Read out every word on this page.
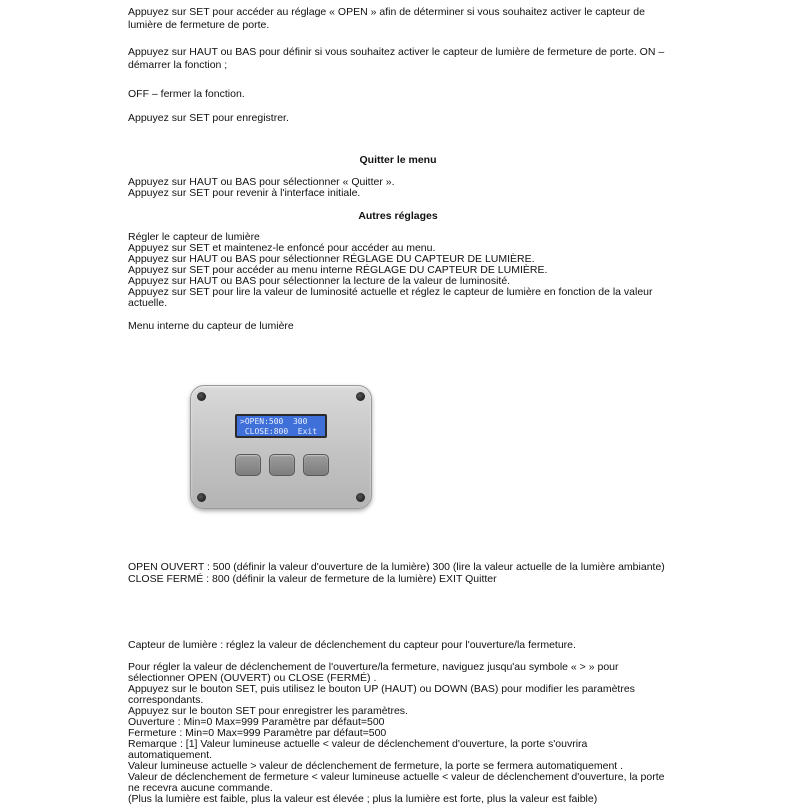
Appuyez sur SET pour accéder au réglage « OPEN » afin de déterminer si vous souhaitez activer le capteur de lumière de fermeture de porte.

Appuyez sur HAUT ou BAS pour définir si vous souhaitez activer le capteur de lumière de fermeture de porte. ON – démarrer la fonction ;

OFF – fermer la fonction.

Appuyez sur SET pour enregistrer.

Quitter le menu

Appuyez sur HAUT ou BAS pour sélectionner « Quitter ».
Appuyez sur SET pour revenir à l'interface initiale.

Autres réglages

Régler le capteur de lumière
Appuyez sur SET et maintenez-le enfoncé pour accéder au menu.
Appuyez sur HAUT ou BAS pour sélectionner RÉGLAGE DU CAPTEUR DE LUMIÈRE.
Appuyez sur SET pour accéder au menu interne RÉGLAGE DU CAPTEUR DE LUMIÈRE.
Appuyez sur HAUT ou BAS pour sélectionner la lecture de la valeur de luminosité.
Appuyez sur SET pour lire la valeur de luminosité actuelle et réglez le capteur de lumière en fonction de la valeur actuelle.

Menu interne du capteur de lumière

>OPEN:500  300
CLOSE:800  Exit
OPEN OUVERT : 500 (définir la valeur d'ouverture de la lumière) 300 (lire la valeur actuelle de la lumière ambiante)
CLOSE FERMÉ : 800 (définir la valeur de fermeture de la lumière) EXIT Quitter

Capteur de lumière : réglez la valeur de déclenchement du capteur pour l'ouverture/la fermeture.

Pour régler la valeur de déclenchement de l'ouverture/la fermeture, naviguez jusqu'au symbole « > » pour sélectionner OPEN (OUVERT) ou CLOSE (FERMÉ) .
Appuyez sur le bouton SET, puis utilisez le bouton UP (HAUT) ou DOWN (BAS) pour modifier les paramètres correspondants.
Appuyez sur le bouton SET pour enregistrer les paramètres.
Ouverture : Min=0 Max=999 Paramètre par défaut=500
Fermeture : Min=0 Max=999 Paramètre par défaut=500
Remarque : [1] Valeur lumineuse actuelle < valeur de déclenchement d'ouverture, la porte s'ouvrira automatiquement.
Valeur lumineuse actuelle > valeur de déclenchement de fermeture, la porte se fermera automatiquement .
Valeur de déclenchement de fermeture < valeur lumineuse actuelle < valeur de déclenchement d'ouverture, la porte ne recevra aucune commande.
(Plus la lumière est faible, plus la valeur est élevée ; plus la lumière est forte, plus la valeur est faible)
